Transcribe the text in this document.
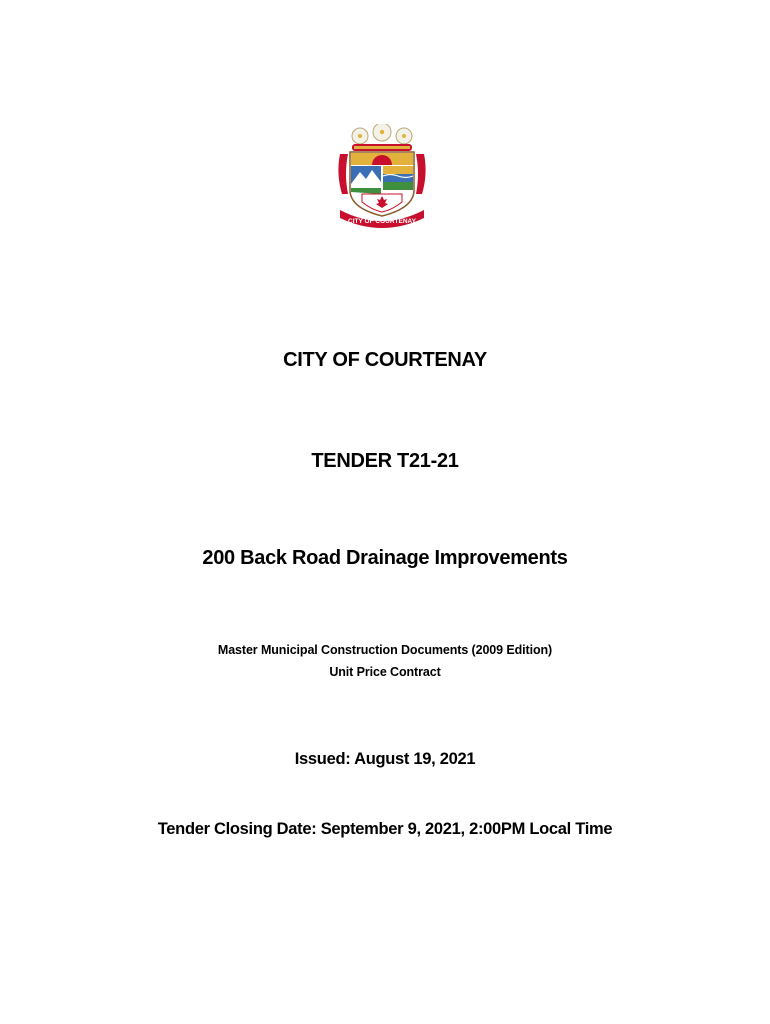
CITY OF COURTENAY
CITY OF COURTENAY
TENDER T21-21
200 Back Road Drainage Improvements
Master Municipal Construction Documents (2009 Edition)
Unit Price Contract
Issued: August 19, 2021
Tender Closing Date: September 9, 2021, 2:00PM Local Time
